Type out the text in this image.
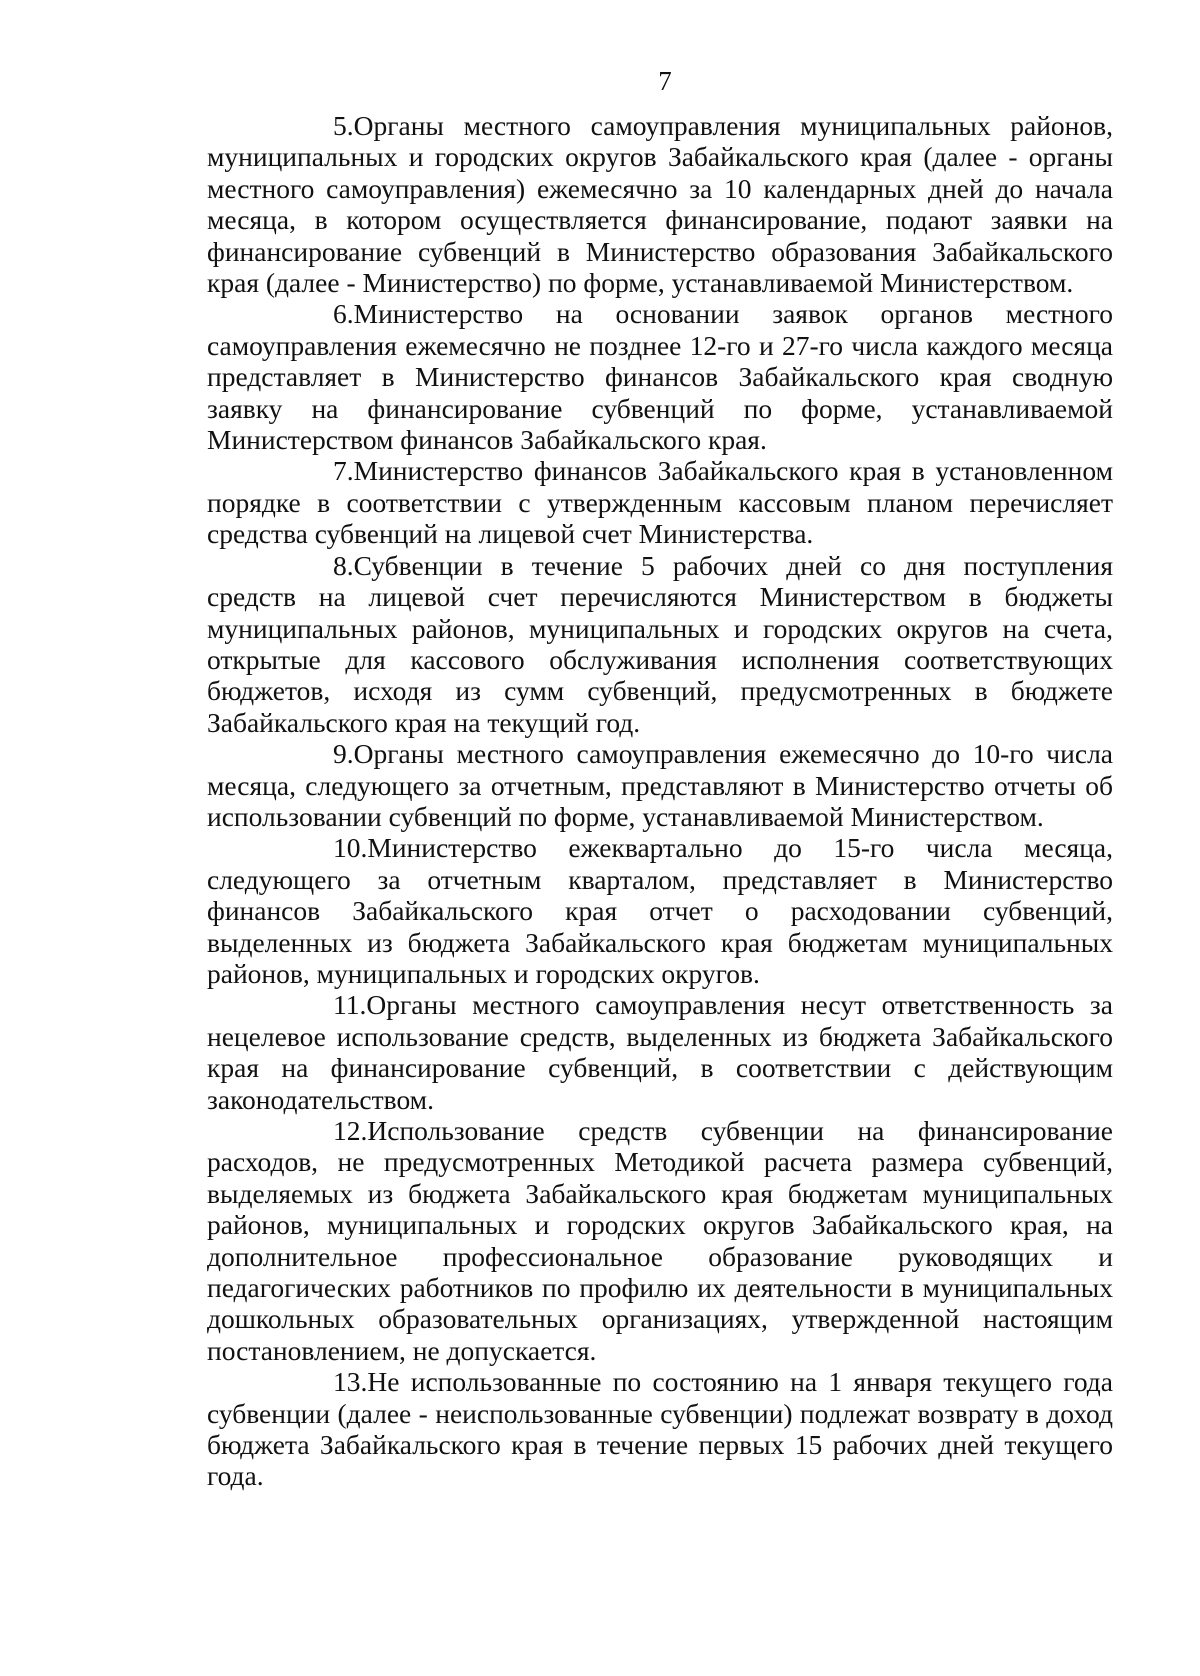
7

5.Органы местного самоуправления муниципальных районов, муниципальных и городских округов Забайкальского края (далее - органы местного самоуправления) ежемесячно за 10 календарных дней до начала месяца, в котором осуществляется финансирование, подают заявки на финансирование субвенций в Министерство образования Забайкальского края (далее - Министерство) по форме, устанавливаемой Министерством.

6.Министерство на основании заявок органов местного самоуправления ежемесячно не позднее 12-го и 27-го числа каждого месяца представляет в Министерство финансов Забайкальского края сводную заявку на финансирование субвенций по форме, устанавливаемой Министерством финансов Забайкальского края.

7.Министерство финансов Забайкальского края в установленном порядке в соответствии с утвержденным кассовым планом перечисляет средства субвенций на лицевой счет Министерства.

8.Субвенции в течение 5 рабочих дней со дня поступления средств на лицевой счет перечисляются Министерством в бюджеты муниципальных районов, муниципальных и городских округов на счета, открытые для кассового обслуживания исполнения соответствующих бюджетов, исходя из сумм субвенций, предусмотренных в бюджете Забайкальского края на текущий год.

9.Органы местного самоуправления ежемесячно до 10-го числа месяца, следующего за отчетным, представляют в Министерство отчеты об использовании субвенций по форме, устанавливаемой Министерством.

10.Министерство ежеквартально до 15-го числа месяца, следующего за отчетным кварталом, представляет в Министерство финансов Забайкальского края отчет о расходовании субвенций, выделенных из бюджета Забайкальского края бюджетам муниципальных районов, муниципальных и городских округов.

11.Органы местного самоуправления несут ответственность за нецелевое использование средств, выделенных из бюджета Забайкальского края на финансирование субвенций, в соответствии с действующим законодательством.

12.Использование средств субвенции на финансирование расходов, не предусмотренных Методикой расчета размера субвенций, выделяемых из бюджета Забайкальского края бюджетам муниципальных районов, муниципальных и городских округов Забайкальского края, на дополнительное профессиональное образование руководящих и педагогических работников по профилю их деятельности в муниципальных дошкольных образовательных организациях, утвержденной настоящим постановлением, не допускается.

13.Не использованные по состоянию на 1 января текущего года субвенции (далее - неиспользованные субвенции) подлежат возврату в доход бюджета Забайкальского края в течение первых 15 рабочих дней текущего года.
